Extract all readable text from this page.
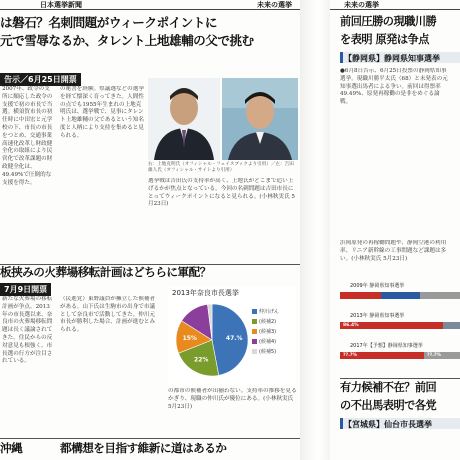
日本選挙新聞	未来の選挙
は磐石？名刺問題がウィークポイントに
元で雪辱なるか、タレント上地雄輔の父で挑む
告示／6月25日開票
2007年、政令の支所に順応した政令の支援で初の市長で当選。横須賀市長の初任時に中田宏と元学校の下、市長の市長をつとめ、交通事業高速化改革し財政健全化の取組により民営化で改革課題の財政健全化は、49.49%で圧倒的な支援を得た。
の秘書を経験。県議選などの選挙を経て懐深く育ってきた。人間性の点でも1955年生まれの上地克明氏は、選挙戦で、見事にタレント上地雄輔の父であるという知名度と人柄により支持を集めると見られる。
右：上地克明氏（オフィシャル・フェイスブックより引用）／左：吉田雄人氏（オフィシャル・サイトより引用）
選挙戦は吉田氏の支持率が高く、上地氏がどこまで追い上げるかが焦点となっている。今回の名刺問題は吉田市長にとってウィークポイントになると見られる。(小林秋実氏 5月23日)
板挟みの火葬場移転計画はどちらに軍配？
7月9日開票
新たな火葬場の移転計画が争点。2013年の市長選以来、奈良市の火葬場移転問題は長く議論されてきた。住民からの反対意見も根強く、市長選の行方が注目されている。
（民進党）東野議員が擁立した候補者がある。山下氏は生駒市の出身で市議として奈良市で活動してきた。仲川元市長が勝利した場合、計画が進むとみられる。
2013年奈良市長選挙
47.%
22%
15%
仲川げん
(候補2)
(候補3)
(候補4)
(候補5)
の都市の候補者が出揃わない。支持率の推移を見るかぎり、現職の仲川氏が優位にある。(小林秋実氏 5月23日)
沖縄	都構想を目指す維新に道はあるか
未来の選挙
前回圧勝の現職川勝
を表明 原発は争点
【静岡県】静岡県知事選挙
●6月8日告示、6月25日投票の静岡県知事選挙。現職川勝平太氏（68）と未発表の元知事選出馬者による争い。前回は得票率49.49%、原発再稼働の是非をめぐる論戦。
浜岡原発の再稼働問題や、静岡空港の利用率、リニア新幹線の工事問題など課題は多い。(小林秋実氏 5月23日)
2009年 静岡県知事選挙
2013年 静岡県知事選挙
86.4%
2017年【予想】静岡県知事選挙
??.?%	??.?%
有力候補不在？前回
の不出馬表明で各党
【宮城県】仙台市長選挙
